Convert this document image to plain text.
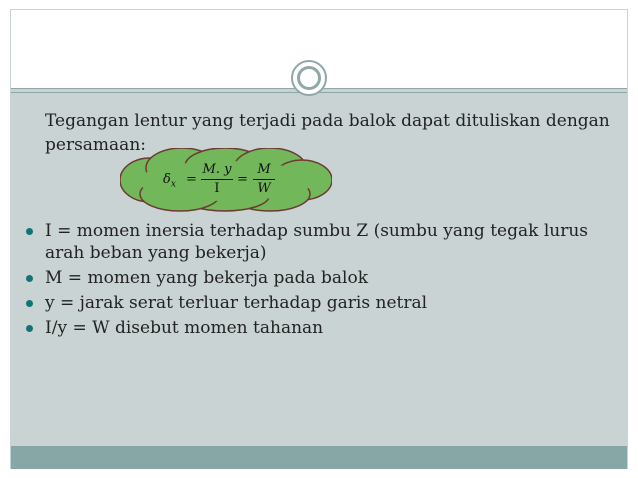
Tegangan lentur yang terjadi pada balok dapat dituliskan dengan
persamaan:
$\delta_x$ =
M. y
I
=
M
W
I = momen inersia terhadap sumbu Z (sumbu yang tegak lurus
arah beban yang bekerja)
M = momen yang bekerja pada balok
y = jarak serat terluar terhadap garis netral
I/y = W disebut momen tahanan
